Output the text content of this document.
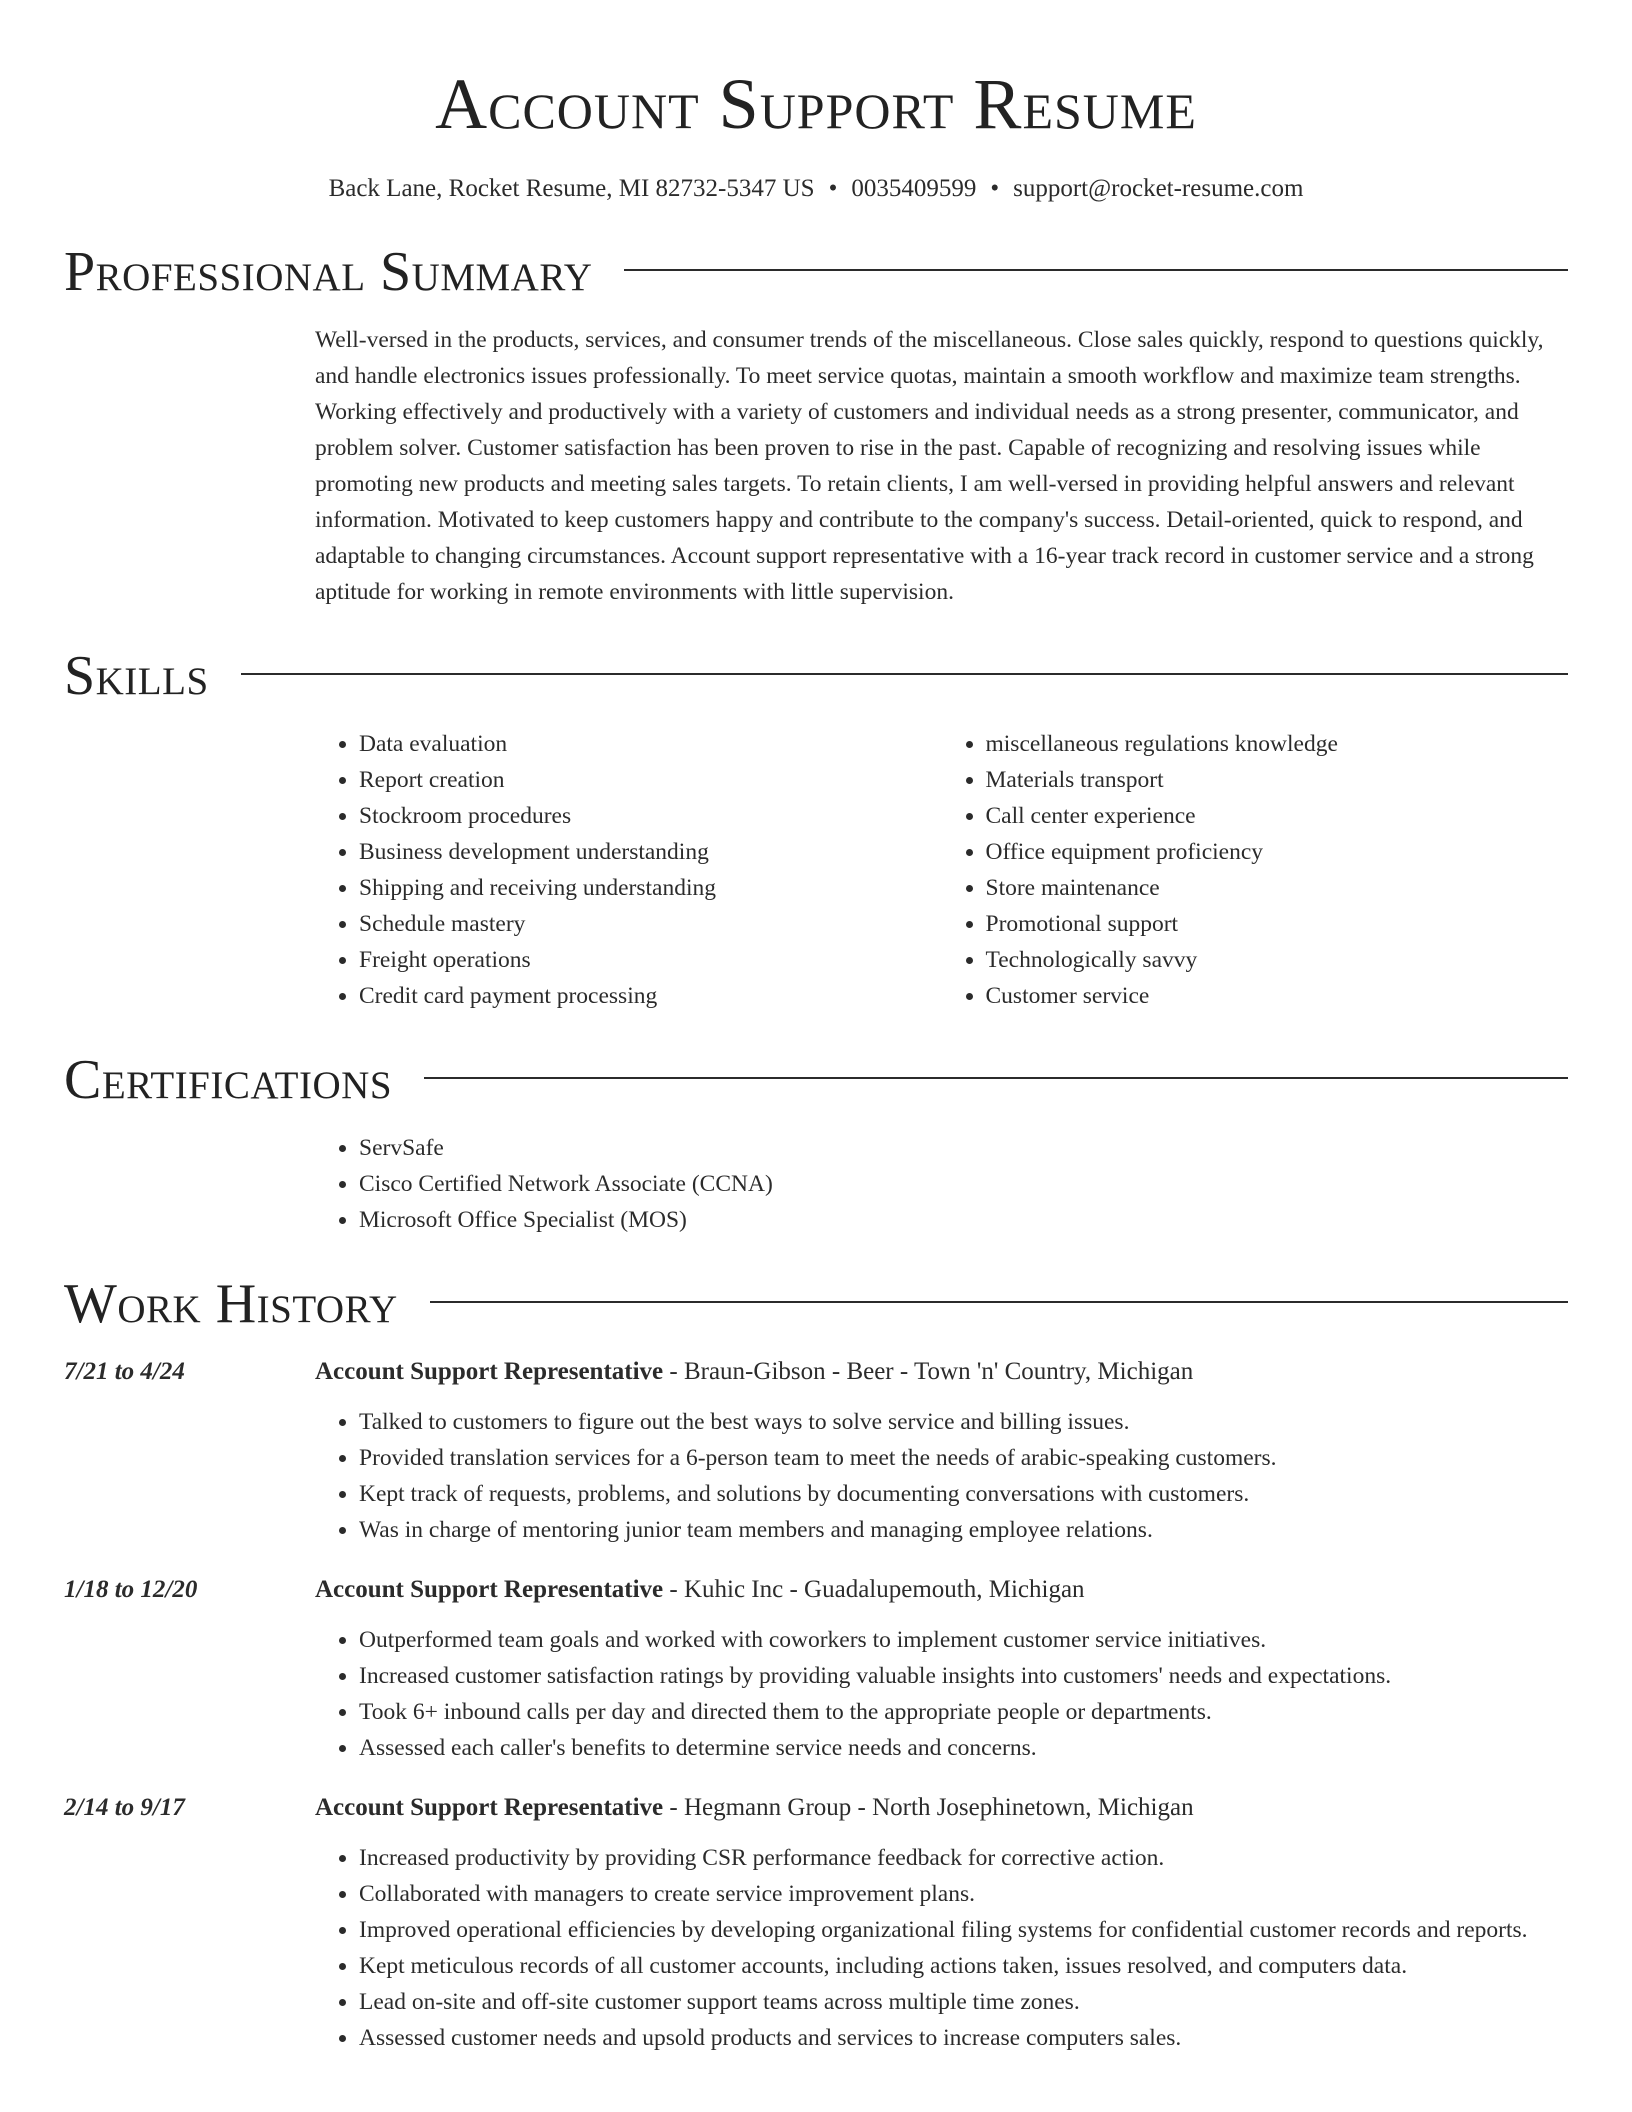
Account Support Resume
Back Lane, Rocket Resume, MI 82732-5347 US • 0035409599 • support@rocket-resume.com
Professional Summary

Well-versed in the products, services, and consumer trends of the miscellaneous. Close sales quickly, respond to questions quickly, and handle electronics issues professionally. To meet service quotas, maintain a smooth workflow and maximize team strengths. Working effectively and productively with a variety of customers and individual needs as a strong presenter, communicator, and problem solver. Customer satisfaction has been proven to rise in the past. Capable of recognizing and resolving issues while promoting new products and meeting sales targets. To retain clients, I am well-versed in providing helpful answers and relevant information. Motivated to keep customers happy and contribute to the company's success. Detail-oriented, quick to respond, and adaptable to changing circumstances. Account support representative with a 16-year track record in customer service and a strong aptitude for working in remote environments with little supervision.

Skills
• Data evaluation
• Report creation
• Stockroom procedures
• Business development understanding
• Shipping and receiving understanding
• Schedule mastery
• Freight operations
• Credit card payment processing
• miscellaneous regulations knowledge
• Materials transport
• Call center experience
• Office equipment proficiency
• Store maintenance
• Promotional support
• Technologically savvy
• Customer service
Certifications
• ServSafe
• Cisco Certified Network Associate (CCNA)
• Microsoft Office Specialist (MOS)
Work History
7/21 to 4/24	Account Support Representative - Braun-Gibson - Beer - Town 'n' Country, Michigan
• Talked to customers to figure out the best ways to solve service and billing issues.
• Provided translation services for a 6-person team to meet the needs of arabic-speaking customers.
• Kept track of requests, problems, and solutions by documenting conversations with customers.
• Was in charge of mentoring junior team members and managing employee relations.
1/18 to 12/20	Account Support Representative - Kuhic Inc - Guadalupemouth, Michigan
• Outperformed team goals and worked with coworkers to implement customer service initiatives.
• Increased customer satisfaction ratings by providing valuable insights into customers' needs and expectations.
• Took 6+ inbound calls per day and directed them to the appropriate people or departments.
• Assessed each caller's benefits to determine service needs and concerns.
2/14 to 9/17	Account Support Representative - Hegmann Group - North Josephinetown, Michigan
• Increased productivity by providing CSR performance feedback for corrective action.
• Collaborated with managers to create service improvement plans.
• Improved operational efficiencies by developing organizational filing systems for confidential customer records and reports.
• Kept meticulous records of all customer accounts, including actions taken, issues resolved, and computers data.
• Lead on-site and off-site customer support teams across multiple time zones.
• Assessed customer needs and upsold products and services to increase computers sales.
